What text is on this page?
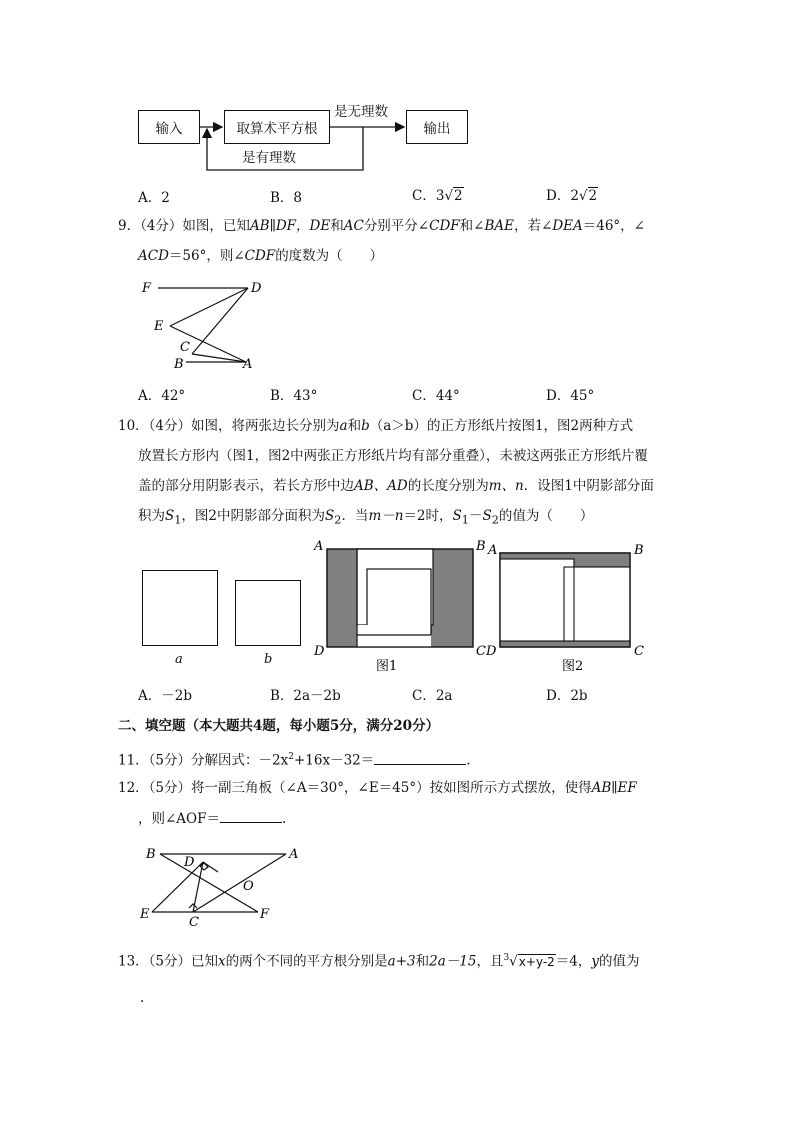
输入	取算术平方根	输出
是无理数
是有理数
A．2	B．8	C．3√2	D．2√2
9．（4分）如图，已知AB∥DF，DE和AC分别平分∠CDF和∠BAE，若∠DEA＝46°，∠
ACD＝56°，则∠CDF的度数为（　　）
F	D
E
C
B	A
A．42°	B．43°	C．44°	D．45°
10．（4分）如图，将两张边长分别为a和b（a＞b）的正方形纸片按图1，图2两种方式
放置长方形内（图1，图2中两张正方形纸片均有部分重叠），未被这两张正方形纸片覆
盖的部分用阴影表示，若长方形中边AB、AD的长度分别为m、n．设图1中阴影部分面
积为$S_1$，图2中阴影部分面积为$S_2$．当m－n＝2时，$S_1-S_2$的值为（　　）
a	b
A	B
D	C
图1
A	B
D	C
图2
A．－2b	B．2a－2b	C．2a	D．2b
二、填空题（本大题共4题，每小题5分，满分20分）
11．（5分）分解因式：$-2x^2+16x-32=$	.
12．（5分）将一副三角板（∠A＝30°，∠E＝45°）按如图所示方式摆放，使得AB∥EF
，则∠AOF＝	.
B	A
D
O
E
C
F
13．（5分）已知x的两个不同的平方根分别是a+3和2a－15，且$^3$√x+y-2＝4，y的值为
.
